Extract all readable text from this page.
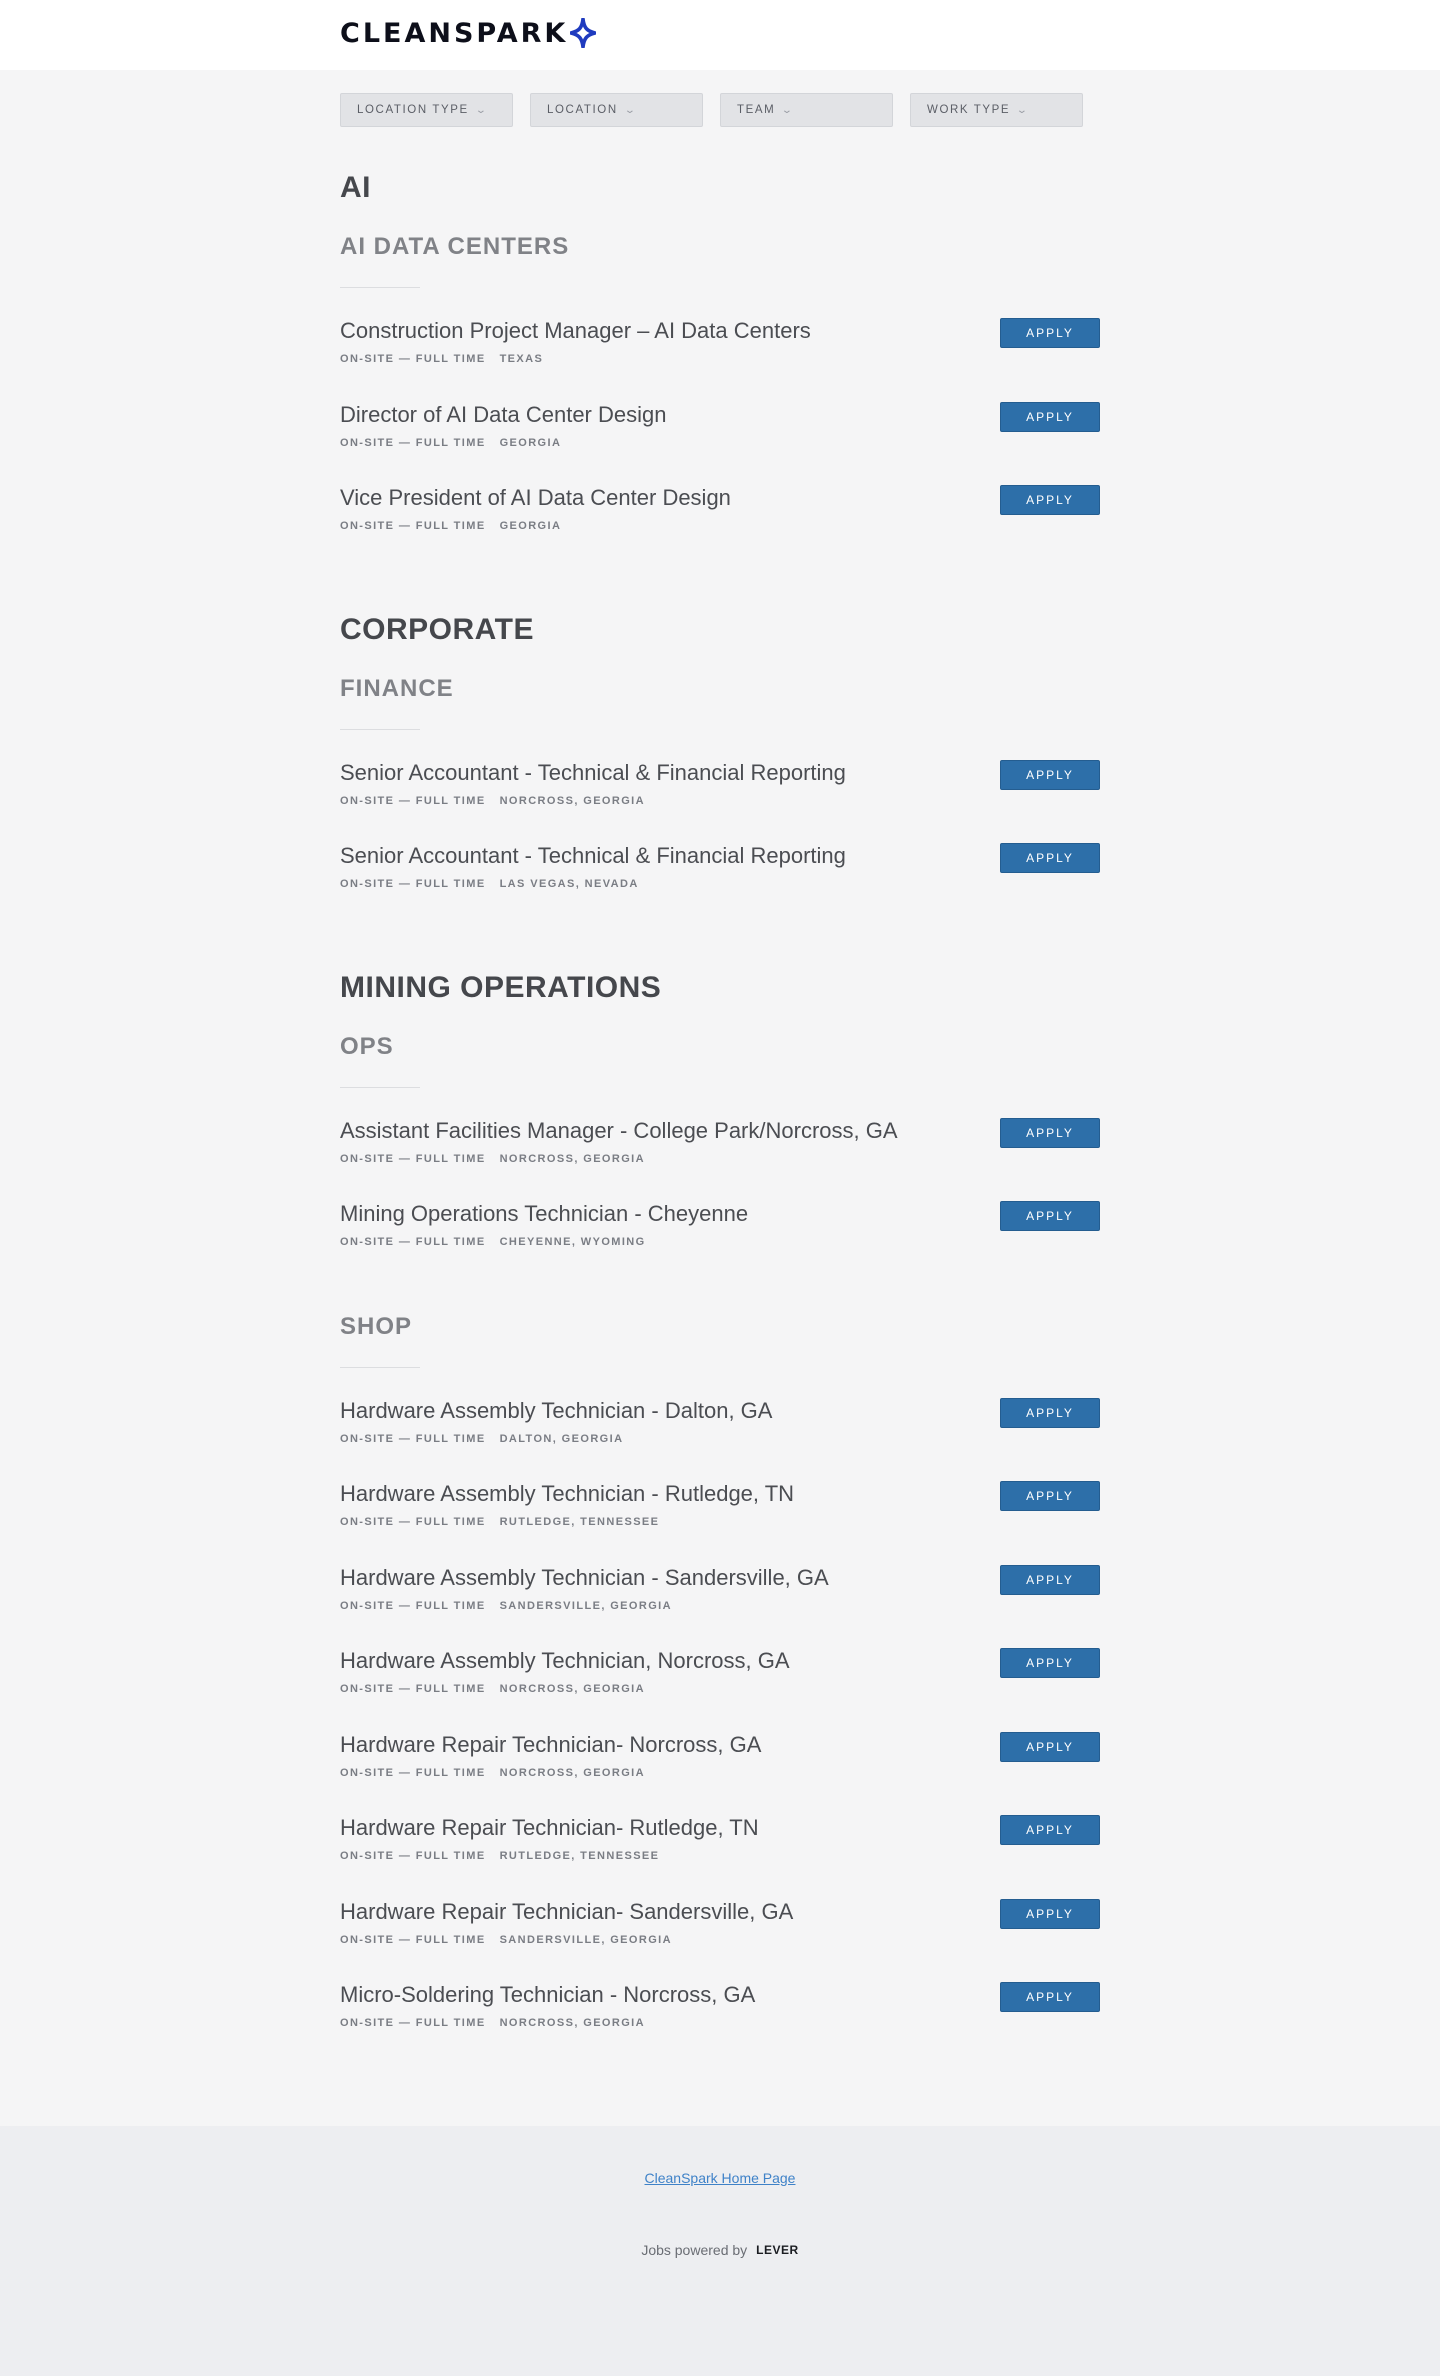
CLEANSPARK
LOCATION TYPE ⌄	LOCATION ⌄	TEAM ⌄	WORK TYPE ⌄
AI
AI DATA CENTERS
Construction Project Manager – AI Data Centers
ON-SITE — FULL TIME TEXAS
APPLY
Director of AI Data Center Design
ON-SITE — FULL TIME GEORGIA
APPLY
Vice President of AI Data Center Design
ON-SITE — FULL TIME GEORGIA
APPLY
CORPORATE
FINANCE
Senior Accountant - Technical & Financial Reporting
ON-SITE — FULL TIME NORCROSS, GEORGIA
APPLY
Senior Accountant - Technical & Financial Reporting
ON-SITE — FULL TIME LAS VEGAS, NEVADA
APPLY
MINING OPERATIONS
OPS
Assistant Facilities Manager - College Park/Norcross, GA
ON-SITE — FULL TIME NORCROSS, GEORGIA
APPLY
Mining Operations Technician - Cheyenne
ON-SITE — FULL TIME CHEYENNE, WYOMING
APPLY
SHOP
Hardware Assembly Technician - Dalton, GA
ON-SITE — FULL TIME DALTON, GEORGIA
APPLY
Hardware Assembly Technician - Rutledge, TN
ON-SITE — FULL TIME RUTLEDGE, TENNESSEE
APPLY
Hardware Assembly Technician - Sandersville, GA
ON-SITE — FULL TIME SANDERSVILLE, GEORGIA
APPLY
Hardware Assembly Technician, Norcross, GA
ON-SITE — FULL TIME NORCROSS, GEORGIA
APPLY
Hardware Repair Technician- Norcross, GA
ON-SITE — FULL TIME NORCROSS, GEORGIA
APPLY
Hardware Repair Technician- Rutledge, TN
ON-SITE — FULL TIME RUTLEDGE, TENNESSEE
APPLY
Hardware Repair Technician- Sandersville, GA
ON-SITE — FULL TIME SANDERSVILLE, GEORGIA
APPLY
Micro-Soldering Technician - Norcross, GA
ON-SITE — FULL TIME NORCROSS, GEORGIA
APPLY
CleanSpark Home Page
Jobs powered by LEVER
